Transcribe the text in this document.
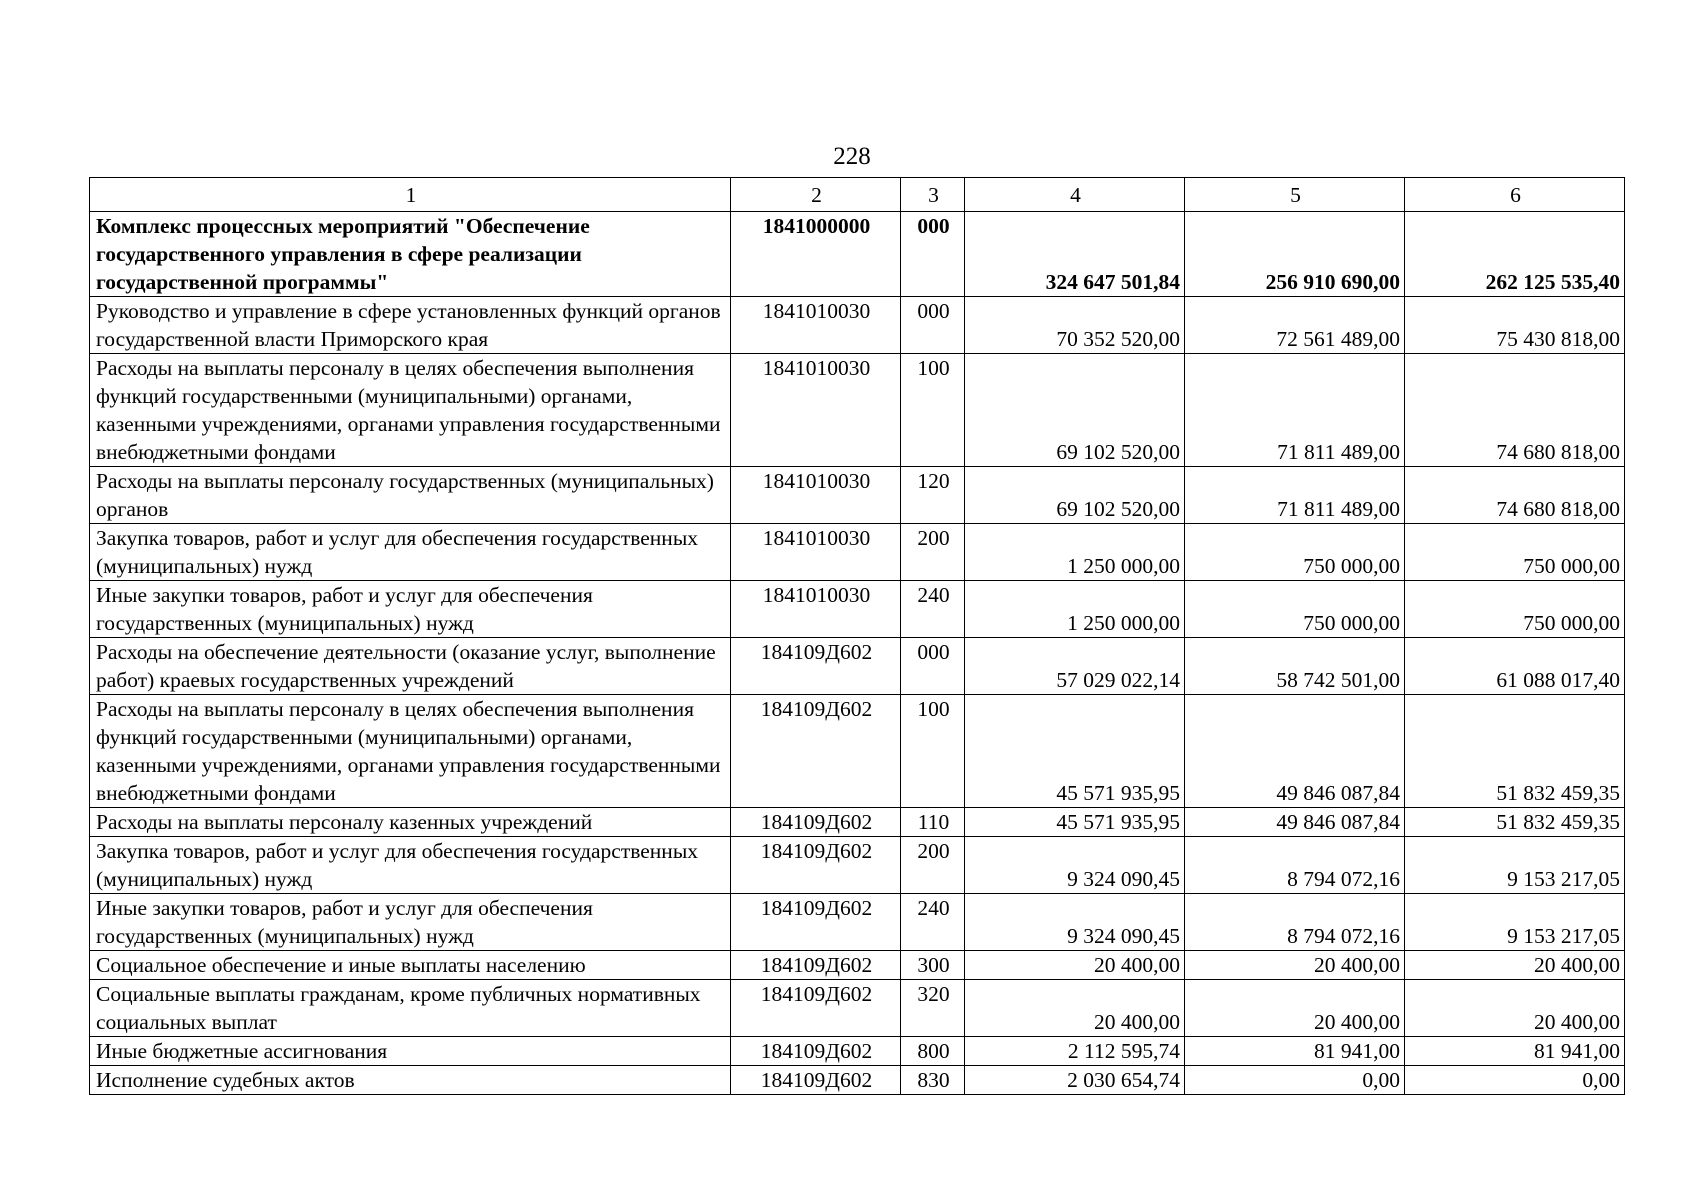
228
1	2	3	4	5	6
Комплекс процессных мероприятий "Обеспечение государственного управления в сфере реализации государственной программы"	1841000000	000	324 647 501,84	256 910 690,00	262 125 535,40
Руководство и управление в сфере установленных функций органов государственной власти Приморского края	1841010030	000	70 352 520,00	72 561 489,00	75 430 818,00
Расходы на выплаты персоналу в целях обеспечения выполнения функций государственными (муниципальными) органами, казенными учреждениями, органами управления государственными внебюджетными фондами	1841010030	100	69 102 520,00	71 811 489,00	74 680 818,00
Расходы на выплаты персоналу государственных (муниципальных) органов	1841010030	120	69 102 520,00	71 811 489,00	74 680 818,00
Закупка товаров, работ и услуг для обеспечения государственных (муниципальных) нужд	1841010030	200	1 250 000,00	750 000,00	750 000,00
Иные закупки товаров, работ и услуг для обеспечения государственных (муниципальных) нужд	1841010030	240	1 250 000,00	750 000,00	750 000,00
Расходы на обеспечение деятельности (оказание услуг, выполнение работ) краевых государственных учреждений	184109Д602	000	57 029 022,14	58 742 501,00	61 088 017,40
Расходы на выплаты персоналу в целях обеспечения выполнения функций государственными (муниципальными) органами, казенными учреждениями, органами управления государственными внебюджетными фондами	184109Д602	100	45 571 935,95	49 846 087,84	51 832 459,35
Расходы на выплаты персоналу казенных учреждений	184109Д602	110	45 571 935,95	49 846 087,84	51 832 459,35
Закупка товаров, работ и услуг для обеспечения государственных (муниципальных) нужд	184109Д602	200	9 324 090,45	8 794 072,16	9 153 217,05
Иные закупки товаров, работ и услуг для обеспечения государственных (муниципальных) нужд	184109Д602	240	9 324 090,45	8 794 072,16	9 153 217,05
Социальное обеспечение и иные выплаты населению	184109Д602	300	20 400,00	20 400,00	20 400,00
Социальные выплаты гражданам, кроме публичных нормативных социальных выплат	184109Д602	320	20 400,00	20 400,00	20 400,00
Иные бюджетные ассигнования	184109Д602	800	2 112 595,74	81 941,00	81 941,00
Исполнение судебных актов	184109Д602	830	2 030 654,74	0,00	0,00
